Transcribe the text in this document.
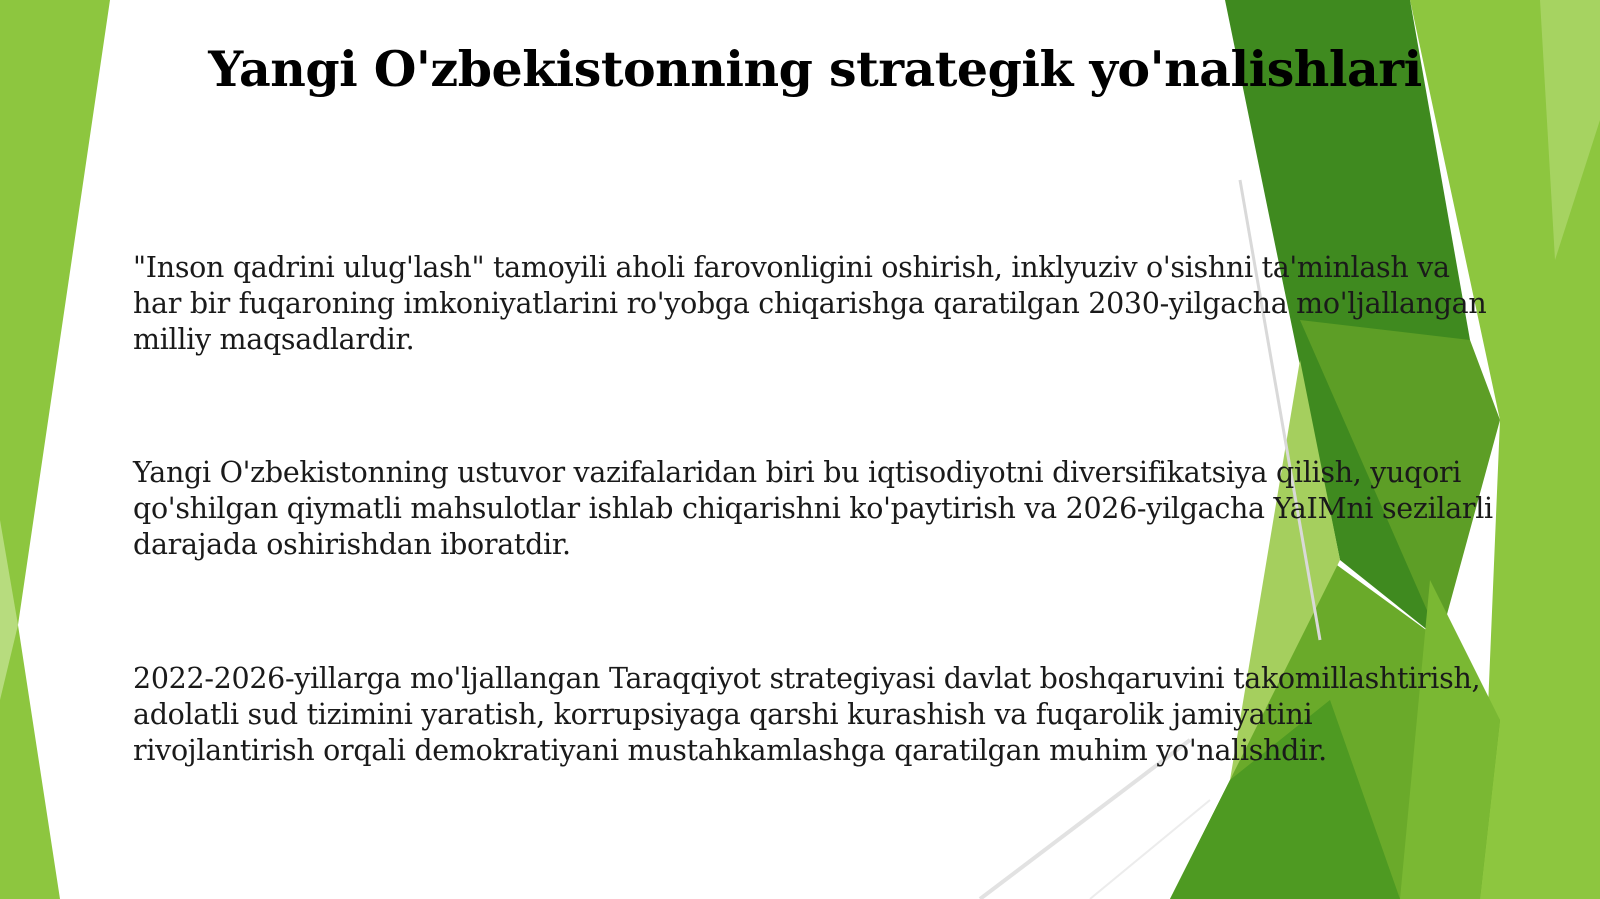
Yangi O'zbekistonning strategik yo'nalishlari
"Inson qadrini ulug'lash" tamoyili aholi farovonligini oshirish, inklyuziv o'sishni ta'minlash va har bir fuqaroning imkoniyatlarini ro'yobga chiqarishga qaratilgan 2030-yilgacha mo'ljallangan milliy maqsadlardir.
Yangi O'zbekistonning ustuvor vazifalaridan biri bu iqtisodiyotni diversifikatsiya qilish, yuqori qo'shilgan qiymatli mahsulotlar ishlab chiqarishni ko'paytirish va 2026-yilgacha YaIMni sezilarli darajada oshirishdan iboratdir.
2022-2026-yillarga mo'ljallangan Taraqqiyot strategiyasi davlat boshqaruvini takomillashtirish, adolatli sud tizimini yaratish, korrupsiyaga qarshi kurashish va fuqarolik jamiyatini rivojlantirish orqali demokratiyani mustahkamlashga qaratilgan muhim yo'nalishdir.
